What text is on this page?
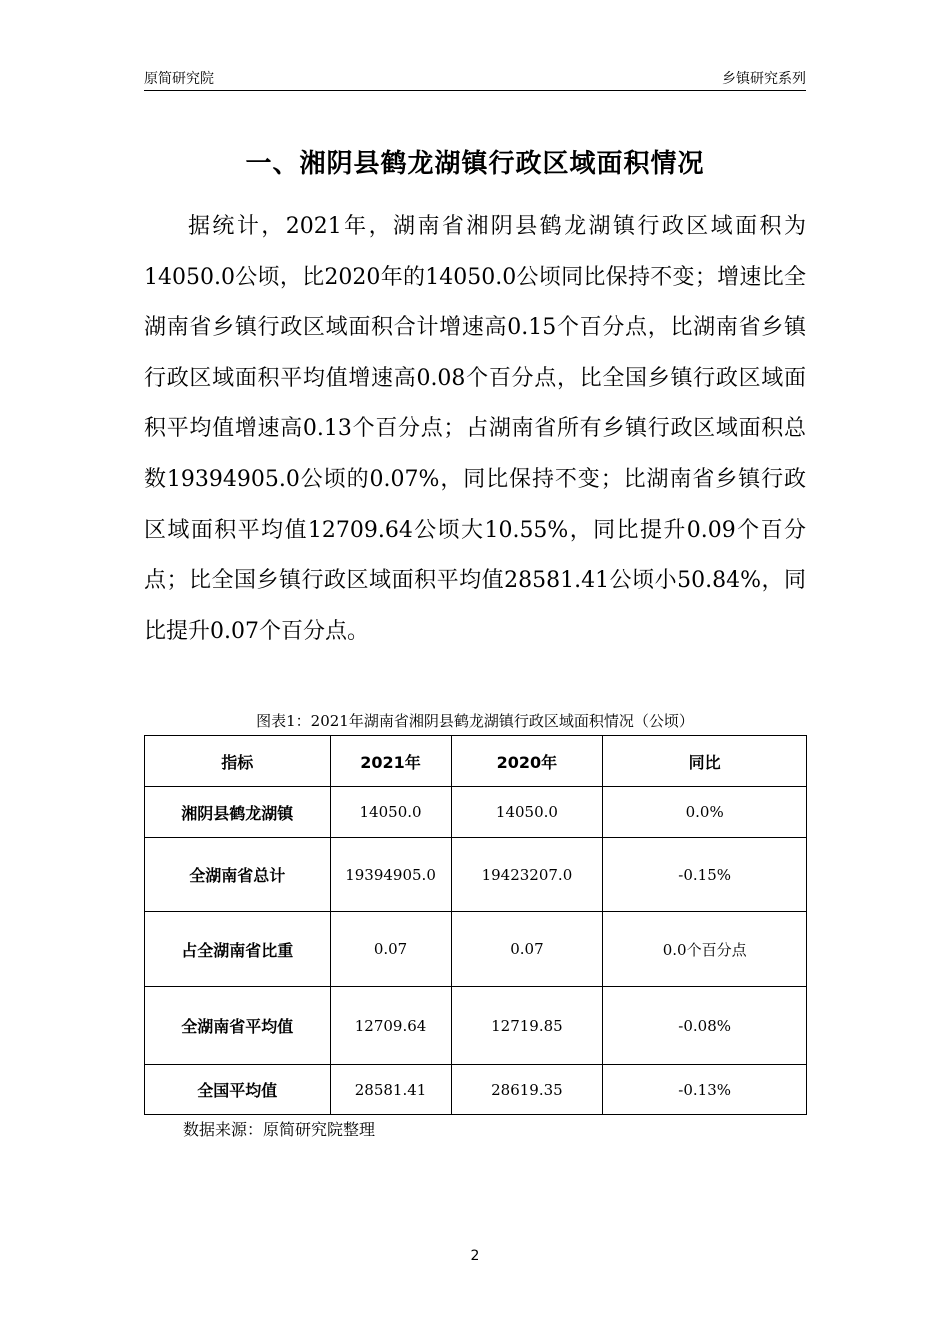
原简研究院	乡镇研究系列
一、湘阴县鹤龙湖镇行政区域面积情况

据统计，2021年，湖南省湘阴县鹤龙湖镇行政区域面积为14050.0公顷，比2020年的14050.0公顷同比保持不变；增速比全湖南省乡镇行政区域面积合计增速高0.15个百分点，比湖南省乡镇行政区域面积平均值增速高0.08个百分点，比全国乡镇行政区域面积平均值增速高0.13个百分点；占湖南省所有乡镇行政区域面积总数19394905.0公顷的0.07%，同比保持不变；比湖南省乡镇行政区域面积平均值12709.64公顷大10.55%，同比提升0.09个百分点；比全国乡镇行政区域面积平均值28581.41公顷小50.84%，同比提升0.07个百分点。

图表1：2021年湖南省湘阴县鹤龙湖镇行政区域面积情况（公顷）
指标	2021年	2020年	同比
湘阴县鹤龙湖镇	14050.0	14050.0	0.0%
全湖南省总计	19394905.0	19423207.0	-0.15%
占全湖南省比重	0.07	0.07	0.0个百分点
全湖南省平均值	12709.64	12719.85	-0.08%
全国平均值	28581.41	28619.35	-0.13%
数据来源：原简研究院整理
2
